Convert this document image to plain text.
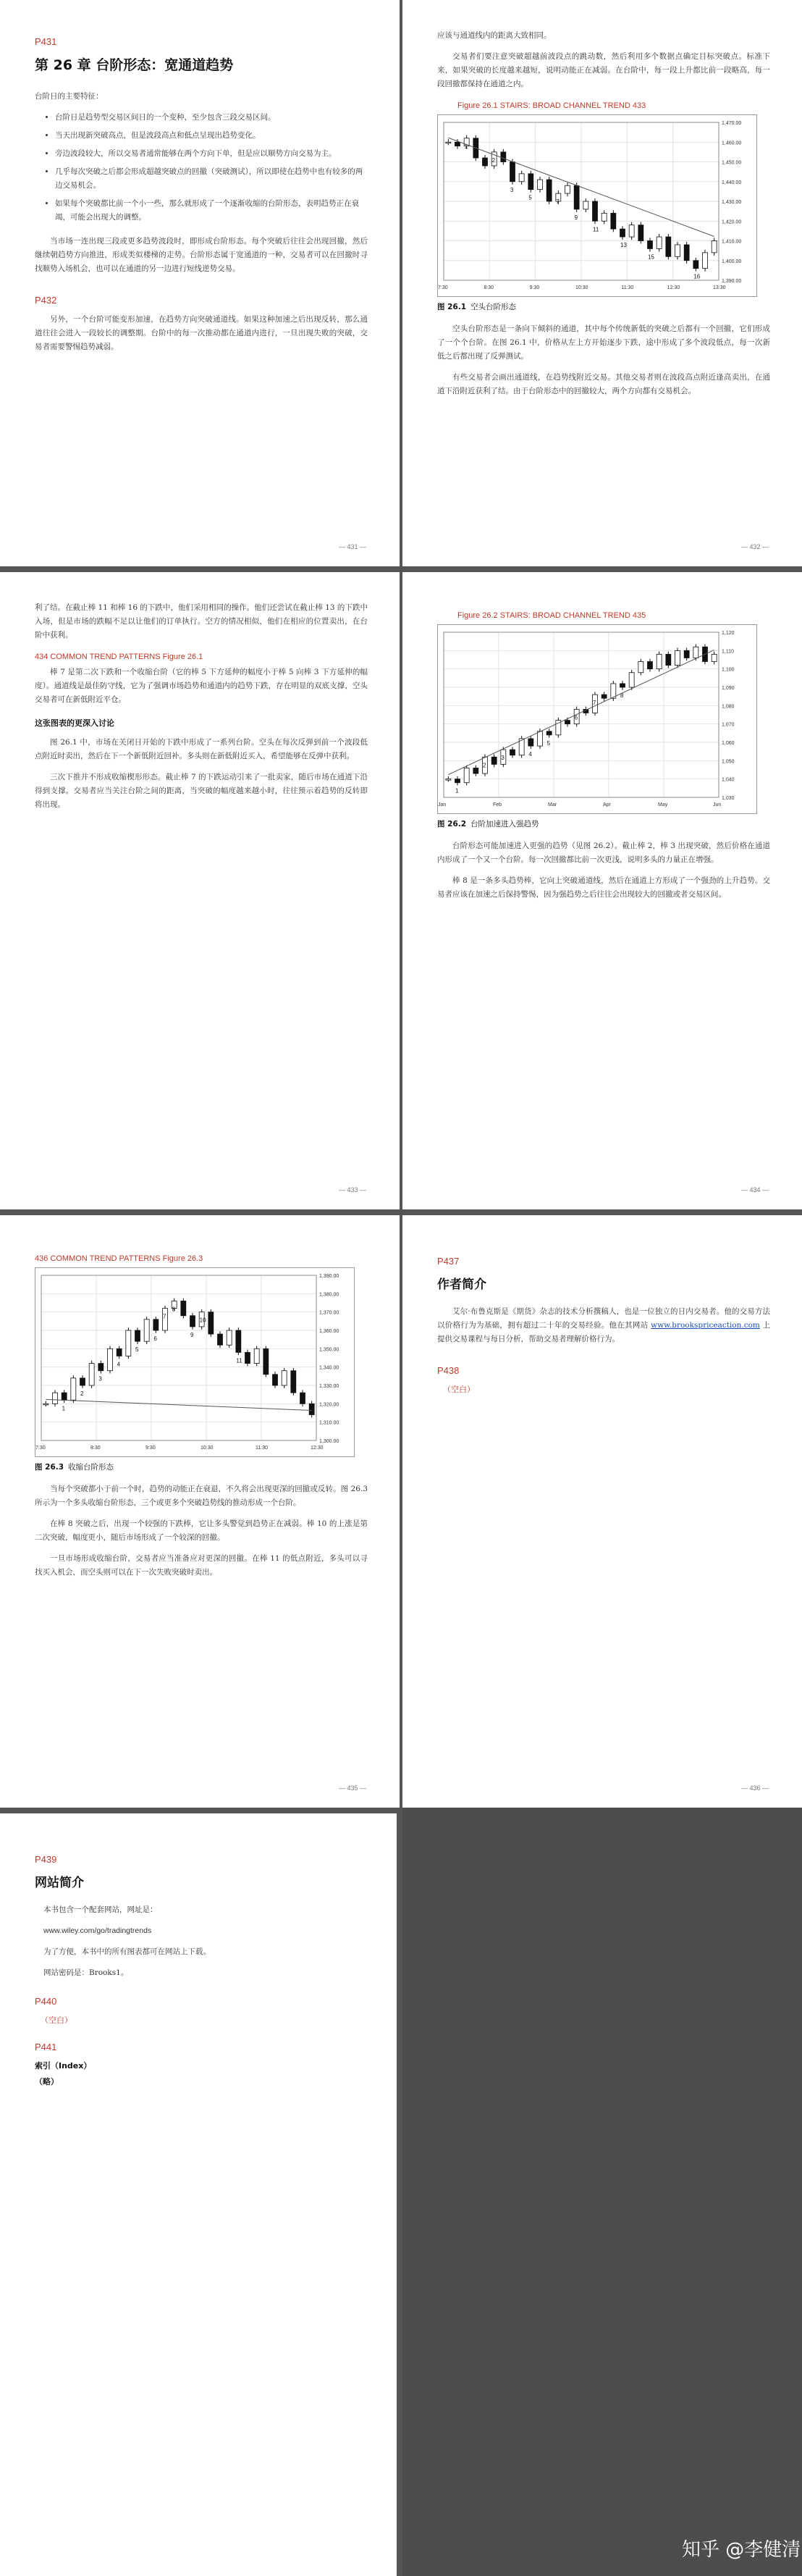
P431
第 26 章 台阶形态：宽通道趋势

台阶日的主要特征：

• 台阶日是趋势型交易区间日的一个变种，至少包含三段交易区间。
• 当天出现新突破高点，但是波段高点和低点呈现出趋势变化。
• 旁边波段较大，所以交易者通常能够在两个方向下单，但是应以顺势方向交易为主。
• 几乎每次突破之后都会形成超越突破点的回撤（突破测试），所以即使在趋势中也有较多的两边交易机会。
• 如果每个突破都比前一个小一些，那么就形成了一个逐渐收缩的台阶形态，表明趋势正在衰竭，可能会出现大的调整。

当市场一连出现三段或更多趋势波段时，即形成台阶形态。每个突破后往往会出现回撤，然后继续朝趋势方向推进，形成类似楼梯的走势。台阶形态属于宽通道的一种，交易者可以在回撤时寻找顺势入场机会，也可以在通道的另一边进行短线逆势交易。

P432

另外，一个台阶可能变形加速，在趋势方向突破通道线。如果这种加速之后出现反转，那么通道往往会进入一段较长的调整期。台阶中的每一次推动都在通道内进行，一旦出现失败的突破，交易者需要警惕趋势减弱。

— 431 —

应该与通道线内的距离大致相同。

交易者们要注意突破超越前波段点的跳动数，然后利用多个数据点确定目标突破点。标准下来，如果突破的长度越来越短，说明动能正在减弱。在台阶中，每一段上升都比前一段略高，每一段回撤都保持在通道之内。

Figure 26.1 STAIRS: BROAD CHANNEL TREND 433
1,470.00
1,460.00
1,450.00
1,440.00
1,430.00
1,420.00
1,410.00
1,400.00
1,390.00
7:30	8:30	9:30	10:30	11:30	12:30	13:30
1
2
3
5
7
9
11
13
15
16
图 26.1 空头台阶形态

空头台阶形态是一条向下倾斜的通道，其中每个传统新低的突破之后都有一个回撤，它们形成了一个个台阶。在图 26.1 中，价格从左上方开始逐步下跌，途中形成了多个波段低点，每一次新低之后都出现了反弹测试。

有些交易者会画出通道线，在趋势线附近交易。其他交易者则在波段高点附近逢高卖出，在通道下沿附近获利了结。由于台阶形态中的回撤较大，两个方向都有交易机会。

— 432 —

利了结。在截止棒 11 和棒 16 的下跌中，他们采用相同的操作。他们还尝试在截止棒 13 的下跌中入场，但是市场的跌幅不足以让他们的订单执行。空方的情况相似，他们在相应的位置卖出，在台阶中获利。

434 COMMON TREND PATTERNS Figure 26.1

棒 7 是第二次下跌和一个收缩台阶（它的棒 5 下方延伸的幅度小于棒 5 向棒 3 下方延伸的幅度）。通道线是最佳防守线，它为了强调市场趋势和通道内的趋势下跌，存在明显的双底支撑，空头交易者可在新低附近平仓。

这张图表的更深入讨论

图 26.1 中，市场在关闭日开始的下跌中形成了一系列台阶。空头在每次反弹到前一个波段低点附近时卖出，然后在下一个新低附近回补。多头则在新低附近买入，希望能够在反弹中获利。

三次下推并不形成收缩楔形形态。截止棒 7 的下跌运动引来了一批卖家，随后市场在通道下沿得到支撑。交易者应当关注台阶之间的距离，当突破的幅度越来越小时，往往预示着趋势的反转即将出现。

— 433 —
Figure 26.2 STAIRS: BROAD CHANNEL TREND 435
1,120
1,110
1,100
1,090
1,080
1,070
1,060
1,050
1,040
1,030
Jan	Feb	Mar	Apr	May	Jun
1
2
3
4
5
6
7
8
图 26.2 台阶加速进入强趋势

台阶形态可能加速进入更强的趋势（见图 26.2）。截止棒 2，棒 3 出现突破，然后价格在通道内形成了一个又一个台阶。每一次回撤都比前一次更浅，说明多头的力量正在增强。

棒 8 是一条多头趋势棒，它向上突破通道线，然后在通道上方形成了一个强劲的上升趋势。交易者应该在加速之后保持警惕，因为强趋势之后往往会出现较大的回撤或者交易区间。

— 434 —
436 COMMON TREND PATTERNS Figure 26.3
1,390.00
1,380.00
1,370.00
1,360.00
1,350.00
1,340.00
1,330.00
1,320.00
1,310.00
1,300.00
7:30	8:30	9:30	10:30	11:30	12:30
1
2
3
4
5
6
7
8
9
10
11
图 26.3 收缩台阶形态

当每个突破都小于前一个时，趋势的动能正在衰退，不久将会出现更深的回撤或反转。图 26.3 所示为一个多头收缩台阶形态，三个或更多个突破趋势线的推动形成一个台阶。

在棒 8 突破之后，出现一个较强的下跌棒，它让多头警觉到趋势正在减弱。棒 10 的上涨是第二次突破，幅度更小，随后市场形成了一个较深的回撤。

一旦市场形成收缩台阶，交易者应当准备应对更深的回撤。在棒 11 的低点附近，多头可以寻找买入机会，而空头则可以在下一次失败突破时卖出。

— 435 —
P437
作者简介

艾尔·布鲁克斯是《期货》杂志的技术分析撰稿人，也是一位独立的日内交易者。他的交易方法以价格行为为基础，拥有超过二十年的交易经验。他在其网站 www.brookspriceaction.com 上提供交易课程与每日分析，帮助交易者理解价格行为。

P438
（空白）
— 436 —
P439
网站简介

本书包含一个配套网站，网址是：

www.wiley.com/go/tradingtrends

为了方便，本书中的所有图表都可在网站上下载。

网站密码是：Brooks1。

P440
（空白）
P441
索引（Index）
（略）
知乎 @李健清
